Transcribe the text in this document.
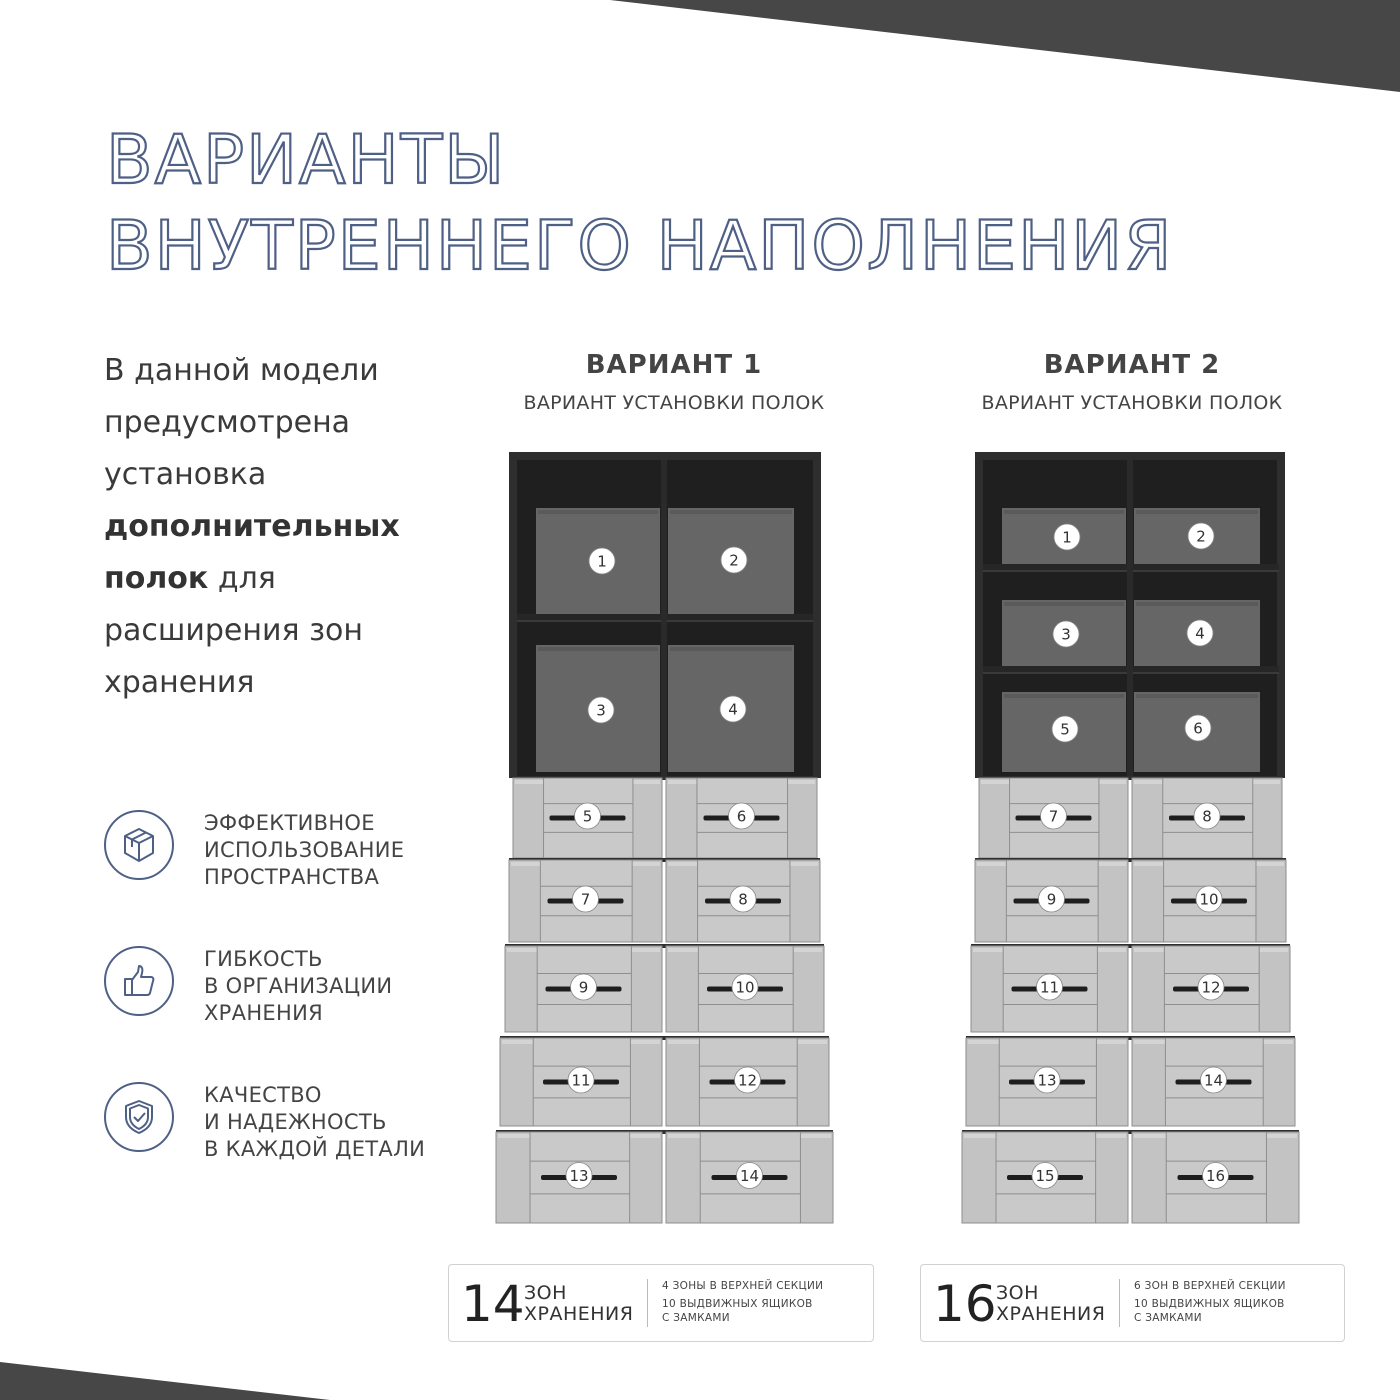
ВАРИАНТЫ
ВНУТРЕННЕГО НАПОЛНЕНИЯ
В данной модели предусмотрена установка дополнительных полок для расширения зон хранения
ЭФФЕКТИВНОЕ
ИСПОЛЬЗОВАНИЕ
ПРОСТРАНСТВА
ГИБКОСТЬ
В ОРГАНИЗАЦИИ
ХРАНЕНИЯ
КАЧЕСТВО
И НАДЕЖНОСТЬ
В КАЖДОЙ ДЕТАЛИ
ВАРИАНТ 1
ВАРИАНТ УСТАНОВКИ ПОЛОК
ВАРИАНТ 2
ВАРИАНТ УСТАНОВКИ ПОЛОК
1	2
3	4
5	6
7	8
9	10
11	12
13	14
1	2
3	4
5	6
7	8
9	10
11	12
13	14
15	16
14 ЗОН
ХРАНЕНИЯ
4 ЗОНЫ В ВЕРХНЕЙ СЕКЦИИ
10 ВЫДВИЖНЫХ ЯЩИКОВ
С ЗАМКАМИ	16 ЗОН
ХРАНЕНИЯ
6 ЗОН В ВЕРХНЕЙ СЕКЦИИ
10 ВЫДВИЖНЫХ ЯЩИКОВ
С ЗАМКАМИ
